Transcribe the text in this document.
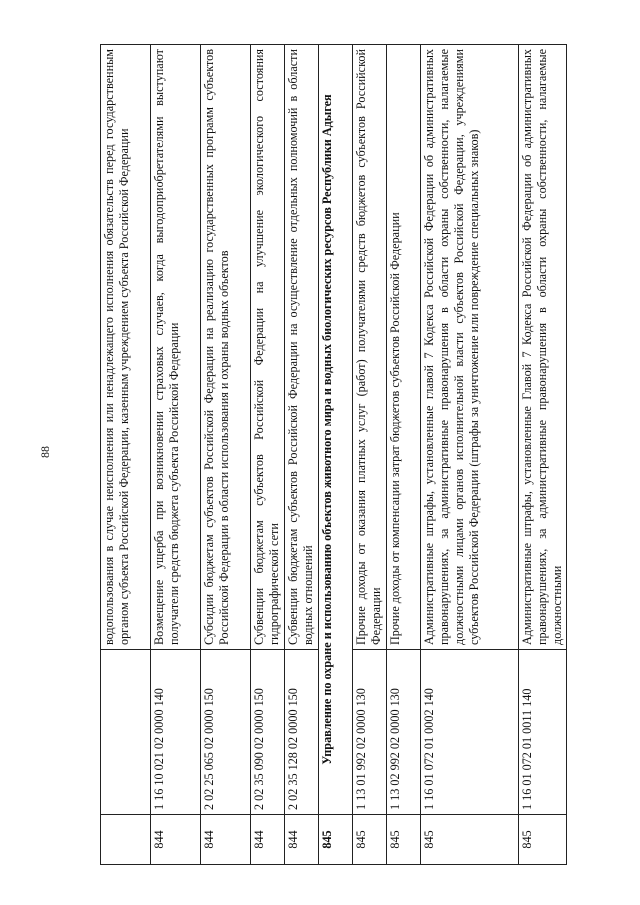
88
			водопользования в случае неисполнения или ненадлежащего исполнения обязательств перед государственным органом субъекта Российской Федерации, казенным учреждением субъекта Российской Федерации
844	1 16 10 021 02 0000 140	Возмещение ущерба при возникновении страховых случаев, когда выгодоприобретателями выступают получатели средств бюджета субъекта Российской Федерации
844	2 02 25 065 02 0000 150	Субсидии бюджетам субъектов Российской Федерации на реализацию государственных программ субъектов Российской Федерации в области использования и охраны водных объектов
844	2 02 35 090 02 0000 150	Субвенции бюджетам субъектов Российской Федерации на улучшение экологического состояния гидрографической сети
844	2 02 35 128 02 0000 150	Субвенции бюджетам субъектов Российской Федерации на осуществление отдельных полномочий в области водных отношений
845	Управление по охране и использованию объектов животного мира и водных биологических ресурсов Республики Адыгея	
845	1 13 01 992 02 0000 130	Прочие доходы от оказания платных услуг (работ) получателями средств бюджетов субъектов Российской Федерации
845	1 13 02 992 02 0000 130	Прочие доходы от компенсации затрат бюджетов субъектов Российской Федерации
845	1 16 01 072 01 0002 140	Административные штрафы, установленные главой 7 Кодекса Российской Федерации об административных правонарушениях, за административные правонарушения в области охраны собственности, налагаемые должностными лицами органов исполнительной власти субъектов Российской Федерации, учреждениями субъектов Российской Федерации (штрафы за уничтожение или повреждение специальных знаков)
845	1 16 01 072 01 0011 140	Административные штрафы, установленные Главой 7 Кодекса Российской Федерации об административных правонарушениях, за административные правонарушения в области охраны собственности, налагаемые должностными
